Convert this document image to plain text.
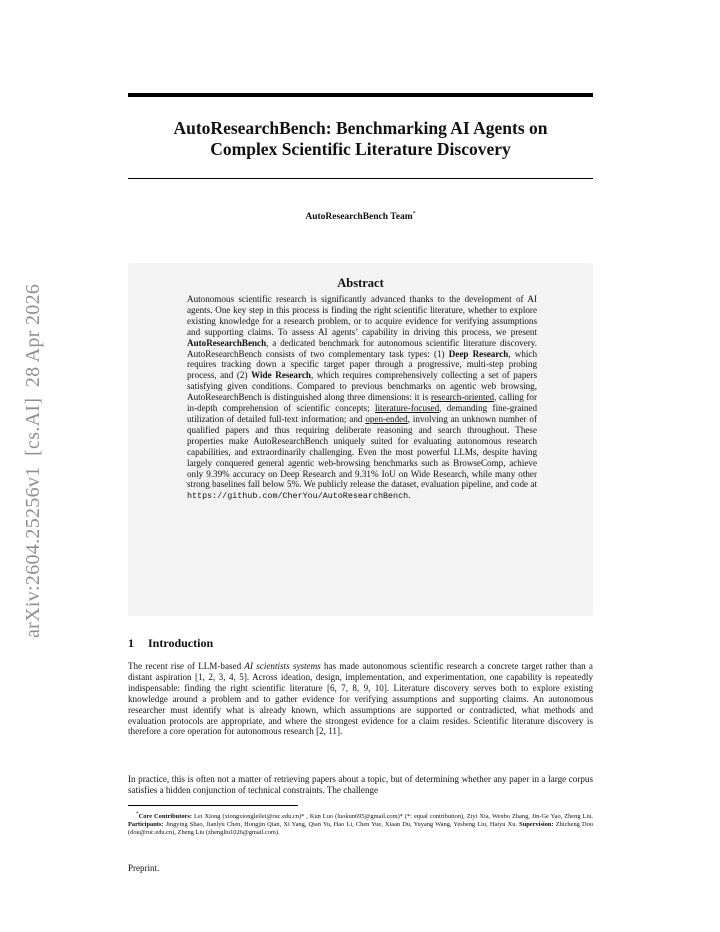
arXiv:2604.25256v1  [cs.AI]  28 Apr 2026
AutoResearchBench: Benchmarking AI Agents on
Complex Scientific Literature Discovery
AutoResearchBench Team*
Abstract
Autonomous scientific research is significantly advanced thanks to the development of AI agents. One key step in this process is finding the right scientific literature, whether to explore existing knowledge for a research problem, or to acquire evidence for verifying assumptions and supporting claims. To assess AI agents’ capability in driving this process, we present AutoResearchBench, a dedicated benchmark for autonomous scientific literature discovery. AutoResearchBench consists of two complementary task types: (1) Deep Research, which requires tracking down a specific target paper through a progressive, multi-step probing process, and (2) Wide Research, which requires comprehensively collecting a set of papers satisfying given conditions. Compared to previous benchmarks on agentic web browsing, AutoResearchBench is distinguished along three dimensions: it is research-oriented, calling for in-depth comprehension of scientific concepts; literature-focused, demanding fine-grained utilization of detailed full-text information; and open-ended, involving an unknown number of qualified papers and thus requiring deliberate reasoning and search throughout. These properties make AutoResearchBench uniquely suited for evaluating autonomous research capabilities, and extraordinarily challenging. Even the most powerful LLMs, despite having largely conquered general agentic web-browsing benchmarks such as BrowseComp, achieve only 9.39% accuracy on Deep Research and 9.31% IoU on Wide Research, while many other strong baselines fall below 5%. We publicly release the dataset, evaluation pipeline, and code at https://github.com/CherYou/AutoResearchBench.
1 Introduction
The recent rise of LLM-based AI scientists systems has made autonomous scientific research a concrete target rather than a distant aspiration [1, 2, 3, 4, 5]. Across ideation, design, implementation, and experimentation, one capability is repeatedly indispensable: finding the right scientific literature [6, 7, 8, 9, 10]. Literature discovery serves both to explore existing knowledge around a problem and to gather evidence for verifying assumptions and supporting claims. An autonomous researcher must identify what is already known, which assumptions are supported or contradicted, what methods and evaluation protocols are appropriate, and where the strongest evidence for a claim resides. Scientific literature discovery is therefore a core operation for autonomous research [2, 11].
In practice, this is often not a matter of retrieving papers about a topic, but of determining whether any paper in a large corpus satisfies a hidden conjunction of technical constraints. The challenge
*Core Contributors: Lei Xiong (xiongxiongleilei@ruc.edu.cn)* , Kun Luo (luokun695@gmail.com)* (*: equal contribution), Ziyi Xia, Wenbo Zhang, Jin-Ge Yao, Zheng Liu. Participants: Jingying Shao, Jianlyu Chen, Hongjin Qian, Xi Yang, Qian Yu, Hao Li, Chen Yue, Xiaan Du, Yuyang Wang, Yesheng Liu, Haiyu Xu. Supervision: Zhicheng Dou (dou@ruc.edu.cn), Zheng Liu (zhengliu1026@gmail.com).
Preprint.
